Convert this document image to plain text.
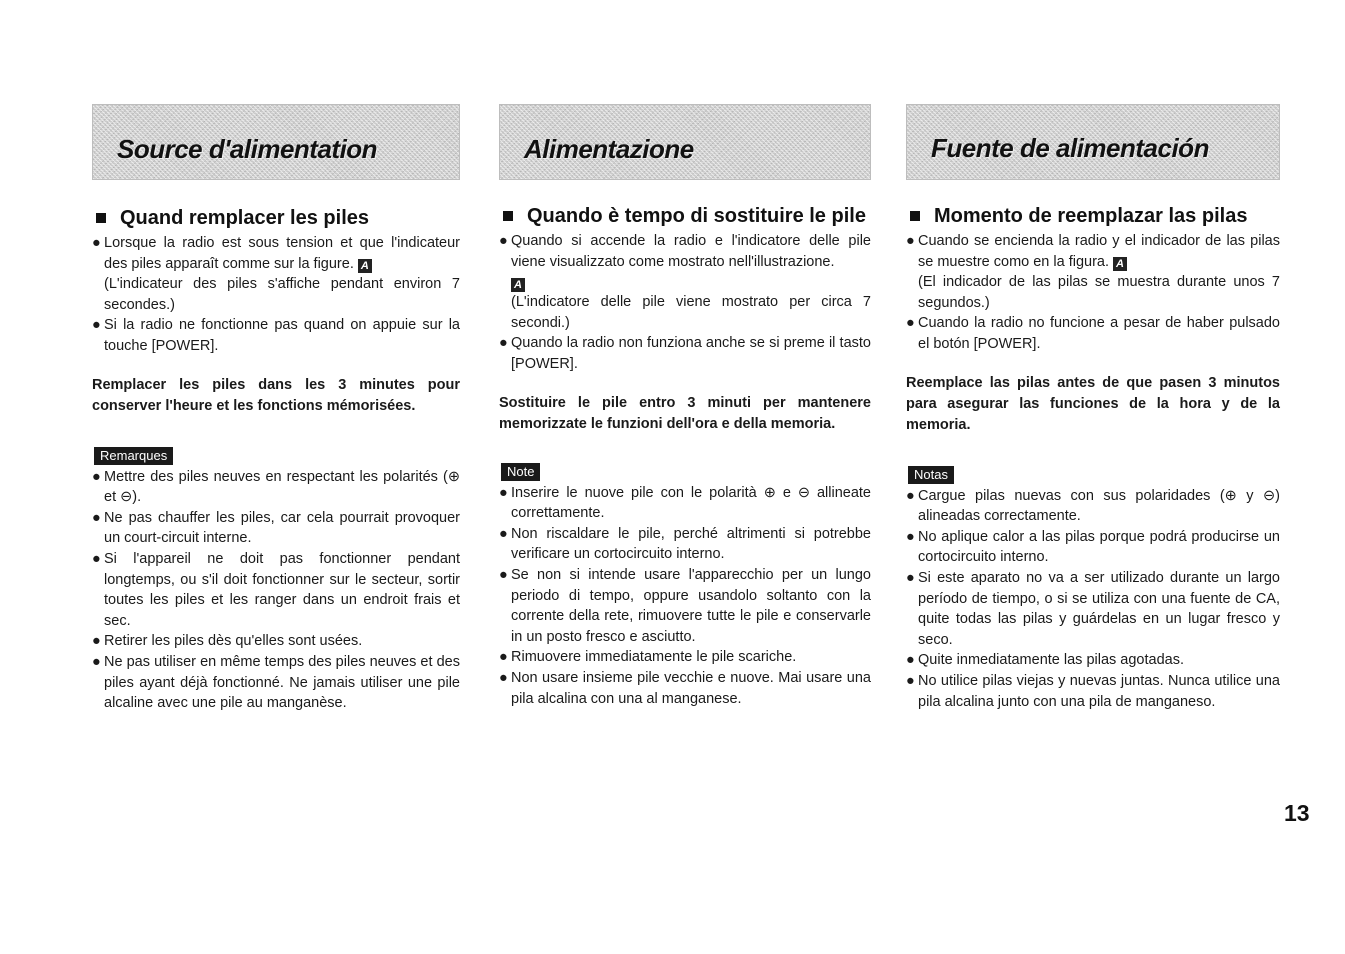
Source d'alimentation
Quand remplacer les piles
● Lorsque la radio est sous tension et que l'indicateur des piles apparaît comme sur la figure. A
(L'indicateur des piles s'affiche pendant environ 7 secondes.)
● Si la radio ne fonctionne pas quand on appuie sur la touche [POWER].
Remplacer les piles dans les 3 minutes pour conserver l'heure et les fonctions mémorisées.
Remarques
● Mettre des piles neuves en respectant les polarités (⊕ et ⊖).
● Ne pas chauffer les piles, car cela pourrait provoquer un court-circuit interne.
● Si l'appareil ne doit pas fonctionner pendant longtemps, ou s'il doit fonctionner sur le secteur, sortir toutes les piles et les ranger dans un endroit frais et sec.
● Retirer les piles dès qu'elles sont usées.
● Ne pas utiliser en même temps des piles neuves et des piles ayant déjà fonctionné. Ne jamais utiliser une pile alcaline avec une pile au manganèse.
Alimentazione
Quando è tempo di sostituire le pile
● Quando si accende la radio e l'indicatore delle pile viene visualizzato come mostrato nell'illustrazione.
A
(L'indicatore delle pile viene mostrato per circa 7 secondi.)
● Quando la radio non funziona anche se si preme il tasto [POWER].
Sostituire le pile entro 3 minuti per mantenere memorizzate le funzioni dell'ora e della memoria.
Note
● Inserire le nuove pile con le polarità ⊕ e ⊖ allineate correttamente.
● Non riscaldare le pile, perché altrimenti si potrebbe verificare un cortocircuito interno.
● Se non si intende usare l'apparecchio per un lungo periodo di tempo, oppure usandolo soltanto con la corrente della rete, rimuovere tutte le pile e conservarle in un posto fresco e asciutto.
● Rimuovere immediatamente le pile scariche.
● Non usare insieme pile vecchie e nuove. Mai usare una pila alcalina con una al manganese.
Fuente de alimentación
Momento de reemplazar las pilas
● Cuando se encienda la radio y el indicador de las pilas se muestre como en la figura. A
(El indicador de las pilas se muestra durante unos 7 segundos.)
● Cuando la radio no funcione a pesar de haber pulsado el botón [POWER].
Reemplace las pilas antes de que pasen 3 minutos para asegurar las funciones de la hora y de la memoria.
Notas
● Cargue pilas nuevas con sus polaridades (⊕ y ⊖) alineadas correctamente.
● No aplique calor a las pilas porque podrá producirse un cortocircuito interno.
● Si este aparato no va a ser utilizado durante un largo período de tiempo, o si se utiliza con una fuente de CA, quite todas las pilas y guárdelas en un lugar fresco y seco.
● Quite inmediatamente las pilas agotadas.
● No utilice pilas viejas y nuevas juntas. Nunca utilice una pila alcalina junto con una pila de manganeso.
13
